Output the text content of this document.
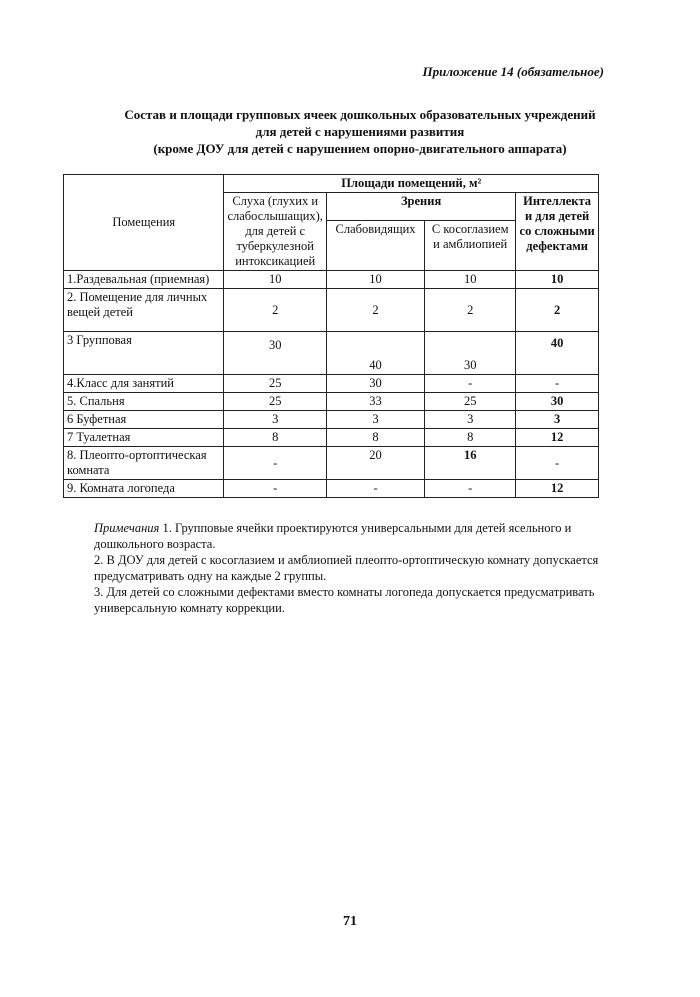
Приложение 14 (обязательное)
Состав и площади групповых ячеек дошкольных образовательных учреждений
для детей с нарушениями развития
(кроме ДОУ для детей с нарушением опорно-двигательного аппарата)
Помещения	Площади помещений, м²			
	Слуха (глухих и слабослышащих), для детей с туберкулезной интоксикацией	Зрения		Интеллекта и для детей со сложными дефектами
		Слабовидящих	С косоглазием и амблиопией	
1.Раздевальная (приемная)	10	10	10	10
2. Помещение для личных вещей детей	2	2	2	2
3 Групповая	30	40	30	40
4.Класс для занятий	25	30	-	-
5. Спальня	25	33	25	30
6 Буфетная	3	3	3	3
7 Туалетная	8	8	8	12
8. Плеопто-ортоптическая комната	-	20	16	-
9. Комната логопеда	-	-	-	12

Примечания 1. Групповые ячейки проектируются универсальными для детей ясельного и дошкольного возраста.

2. В ДОУ для детей с косоглазием и амблиопией плеопто-ортоптическую комнату допускается предусматривать одну на каждые 2 группы.

3. Для детей со сложными дефектами вместо комнаты логопеда допускается предусматривать универсальную комнату коррекции.

71
